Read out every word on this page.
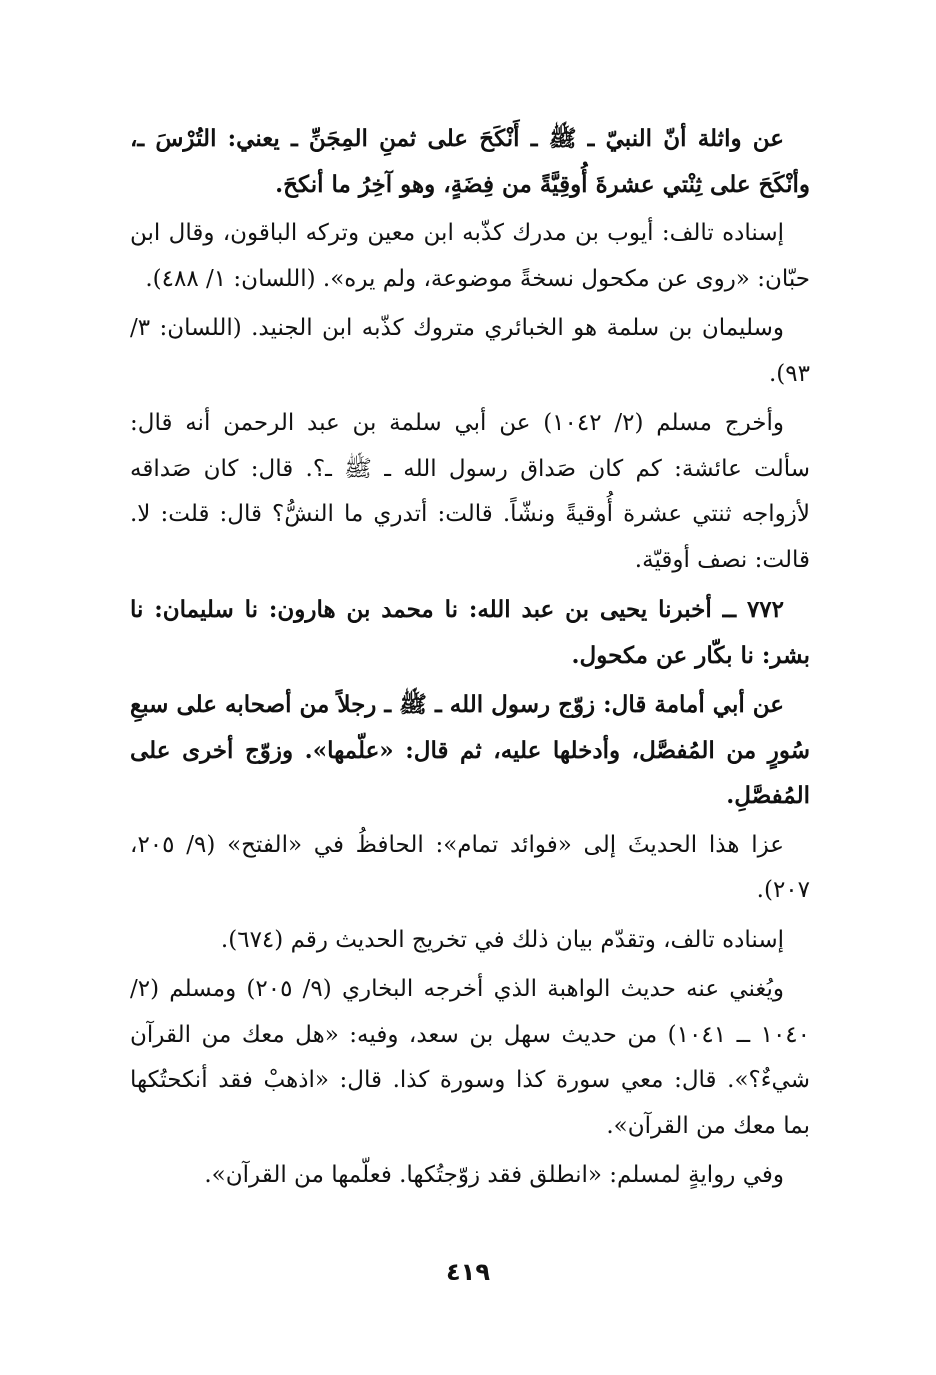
عن واثلة أنّ النبيّ ـ ﷺ ـ أَنْكَحَ على ثمنِ المِجَنِّ ـ يعني: التُرْسَ ـ، وأنْكَحَ على ثِنْتي عشرةَ أُوقِيَّةً من فِضَةٍ، وهو آخِرُ ما أنكحَ.

إسناده تالف: أيوب بن مدرك كذّبه ابن معين وتركه الباقون، وقال ابن حبّان: «روى عن مكحول نسخةً موضوعة، ولم يره». (اللسان: ١/ ٤٨٨).

وسليمان بن سلمة هو الخبائري متروك كذّبه ابن الجنيد. (اللسان: ٣/ ٩٣).

وأخرج مسلم (٢/ ١٠٤٢) عن أبي سلمة بن عبد الرحمن أنه قال: سألت عائشة: كم كان صَداق رسول الله ـ ﷺ ـ؟. قال: كان صَداقه لأزواجه ثنتي عشرة أُوقيةً ونشّاً. قالت: أتدري ما النشُّ؟ قال: قلت: لا. قالت: نصف أوقيّة.

٧٧٢ ــ أخبرنا يحيى بن عبد الله: نا محمد بن هارون: نا سليمان: نا بشر: نا بكّار عن مكحول.

عن أبي أمامة قال: زوّج رسول الله ـ ﷺ ـ رجلاً من أصحابه على سبعِ سُورٍ من المُفصَّل، وأدخلها عليه، ثم قال: «علّمها». وزوّج أخرى على المُفصَّلِ.

عزا هذا الحديثَ إلى «فوائد تمام»: الحافظُ في «الفتح» (٩/ ٢٠٥، ٢٠٧).

إسناده تالف، وتقدّم بيان ذلك في تخريج الحديث رقم (٦٧٤).

ويُغني عنه حديث الواهبة الذي أخرجه البخاري (٩/ ٢٠٥) ومسلم (٢/ ١٠٤٠ ــ ١٠٤١) من حديث سهل بن سعد، وفيه: «هل معك من القرآن شيءٌ؟». قال: معي سورة كذا وسورة كذا. قال: «اذهبْ فقد أنكحتُكها بما معك من القرآن».

وفي روايةٍ لمسلم: «انطلق فقد زوّجتُكها. فعلّمها من القرآن».

٤١٩
